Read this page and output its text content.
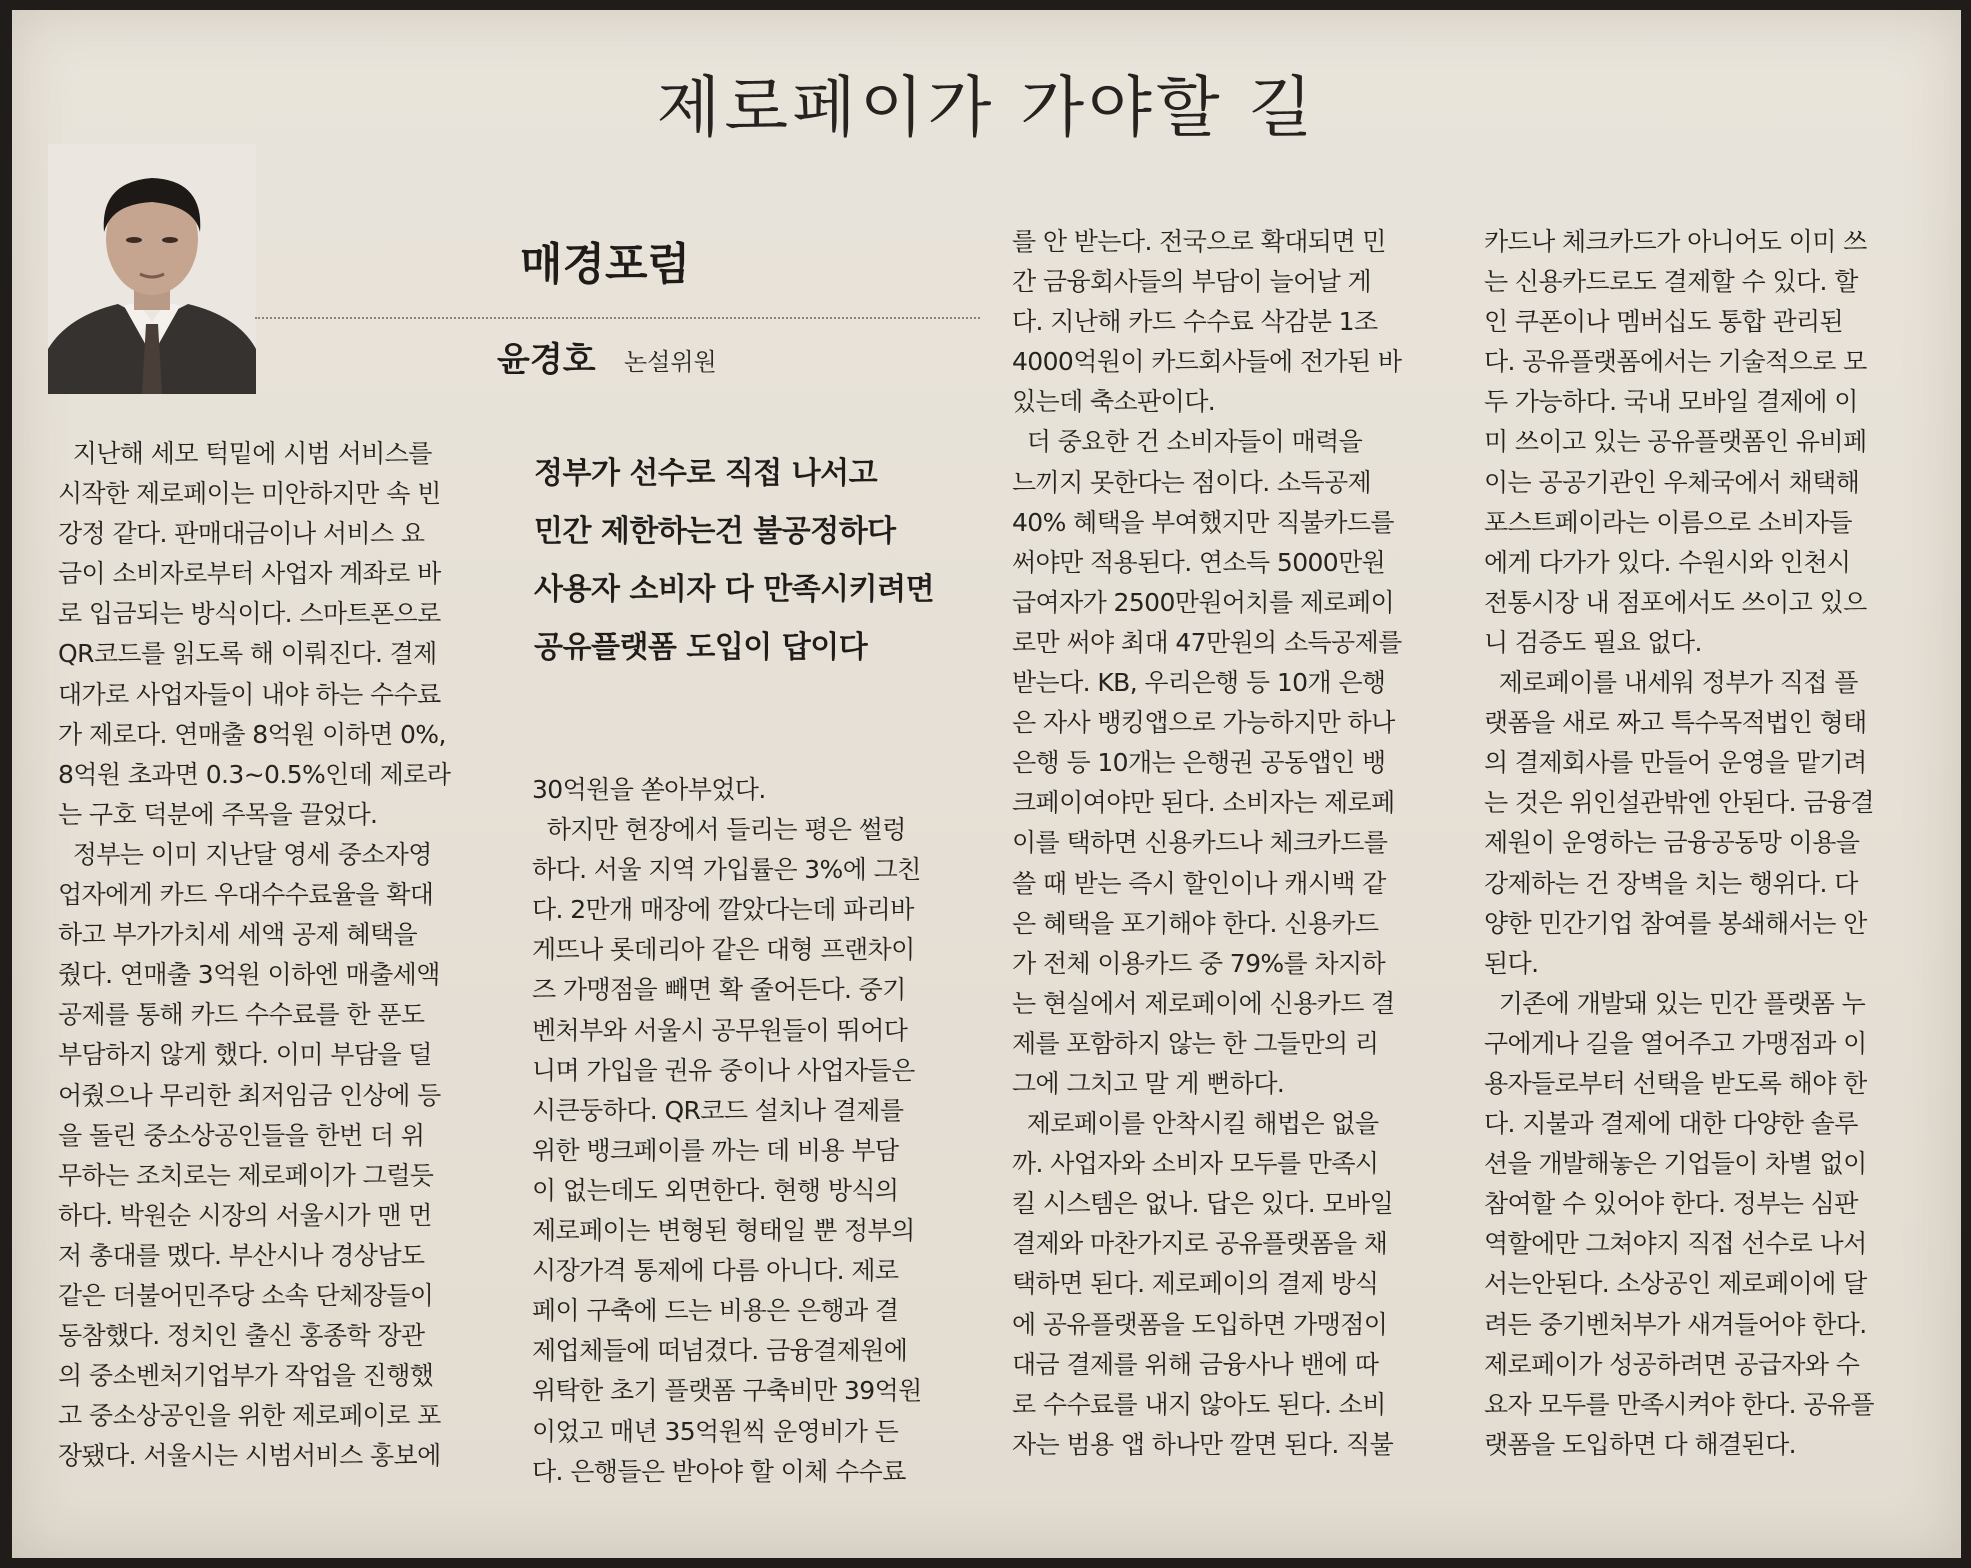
제로페이가 가야할 길
매경포럼
윤경호 논설위원
정부가 선수로 직접 나서고
민간 제한하는건 불공정하다
사용자 소비자 다 만족시키려면
공유플랫폼 도입이 답이다
지난해 세모 턱밑에 시범 서비스를
시작한 제로페이는 미안하지만 속 빈
강정 같다. 판매대금이나 서비스 요
금이 소비자로부터 사업자 계좌로 바
로 입금되는 방식이다. 스마트폰으로
QR코드를 읽도록 해 이뤄진다. 결제
대가로 사업자들이 내야 하는 수수료
가 제로다. 연매출 8억원 이하면 0%,
8억원 초과면 0.3~0.5%인데 제로라
는 구호 덕분에 주목을 끌었다.
정부는 이미 지난달 영세 중소자영
업자에게 카드 우대수수료율을 확대
하고 부가가치세 세액 공제 혜택을
줬다. 연매출 3억원 이하엔 매출세액
공제를 통해 카드 수수료를 한 푼도
부담하지 않게 했다. 이미 부담을 덜
어줬으나 무리한 최저임금 인상에 등
을 돌린 중소상공인들을 한번 더 위
무하는 조치로는 제로페이가 그럴듯
하다. 박원순 시장의 서울시가 맨 먼
저 총대를 멨다. 부산시나 경상남도
같은 더불어민주당 소속 단체장들이
동참했다. 정치인 출신 홍종학 장관
의 중소벤처기업부가 작업을 진행했
고 중소상공인을 위한 제로페이로 포
장됐다. 서울시는 시범서비스 홍보에
30억원을 쏟아부었다.
하지만 현장에서 들리는 평은 썰렁
하다. 서울 지역 가입률은 3%에 그친
다. 2만개 매장에 깔았다는데 파리바
게뜨나 롯데리아 같은 대형 프랜차이
즈 가맹점을 빼면 확 줄어든다. 중기
벤처부와 서울시 공무원들이 뛰어다
니며 가입을 권유 중이나 사업자들은
시큰둥하다. QR코드 설치나 결제를
위한 뱅크페이를 까는 데 비용 부담
이 없는데도 외면한다. 현행 방식의
제로페이는 변형된 형태일 뿐 정부의
시장가격 통제에 다름 아니다. 제로
페이 구축에 드는 비용은 은행과 결
제업체들에 떠넘겼다. 금융결제원에
위탁한 초기 플랫폼 구축비만 39억원
이었고 매년 35억원씩 운영비가 든
다. 은행들은 받아야 할 이체 수수료
를 안 받는다. 전국으로 확대되면 민
간 금융회사들의 부담이 늘어날 게
다. 지난해 카드 수수료 삭감분 1조
4000억원이 카드회사들에 전가된 바
있는데 축소판이다.
더 중요한 건 소비자들이 매력을
느끼지 못한다는 점이다. 소득공제
40% 혜택을 부여했지만 직불카드를
써야만 적용된다. 연소득 5000만원
급여자가 2500만원어치를 제로페이
로만 써야 최대 47만원의 소득공제를
받는다. KB, 우리은행 등 10개 은행
은 자사 뱅킹앱으로 가능하지만 하나
은행 등 10개는 은행권 공동앱인 뱅
크페이여야만 된다. 소비자는 제로페
이를 택하면 신용카드나 체크카드를
쓸 때 받는 즉시 할인이나 캐시백 같
은 혜택을 포기해야 한다. 신용카드
가 전체 이용카드 중 79%를 차지하
는 현실에서 제로페이에 신용카드 결
제를 포함하지 않는 한 그들만의 리
그에 그치고 말 게 뻔하다.
제로페이를 안착시킬 해법은 없을
까. 사업자와 소비자 모두를 만족시
킬 시스템은 없나. 답은 있다. 모바일
결제와 마찬가지로 공유플랫폼을 채
택하면 된다. 제로페이의 결제 방식
에 공유플랫폼을 도입하면 가맹점이
대금 결제를 위해 금융사나 밴에 따
로 수수료를 내지 않아도 된다. 소비
자는 범용 앱 하나만 깔면 된다. 직불
카드나 체크카드가 아니어도 이미 쓰
는 신용카드로도 결제할 수 있다. 할
인 쿠폰이나 멤버십도 통합 관리된
다. 공유플랫폼에서는 기술적으로 모
두 가능하다. 국내 모바일 결제에 이
미 쓰이고 있는 공유플랫폼인 유비페
이는 공공기관인 우체국에서 채택해
포스트페이라는 이름으로 소비자들
에게 다가가 있다. 수원시와 인천시
전통시장 내 점포에서도 쓰이고 있으
니 검증도 필요 없다.
제로페이를 내세워 정부가 직접 플
랫폼을 새로 짜고 특수목적법인 형태
의 결제회사를 만들어 운영을 맡기려
는 것은 위인설관밖엔 안된다. 금융결
제원이 운영하는 금융공동망 이용을
강제하는 건 장벽을 치는 행위다. 다
양한 민간기업 참여를 봉쇄해서는 안
된다.
기존에 개발돼 있는 민간 플랫폼 누
구에게나 길을 열어주고 가맹점과 이
용자들로부터 선택을 받도록 해야 한
다. 지불과 결제에 대한 다양한 솔루
션을 개발해놓은 기업들이 차별 없이
참여할 수 있어야 한다. 정부는 심판
역할에만 그쳐야지 직접 선수로 나서
서는안된다. 소상공인 제로페이에 달
려든 중기벤처부가 새겨들어야 한다.
제로페이가 성공하려면 공급자와 수
요자 모두를 만족시켜야 한다. 공유플
랫폼을 도입하면 다 해결된다.
